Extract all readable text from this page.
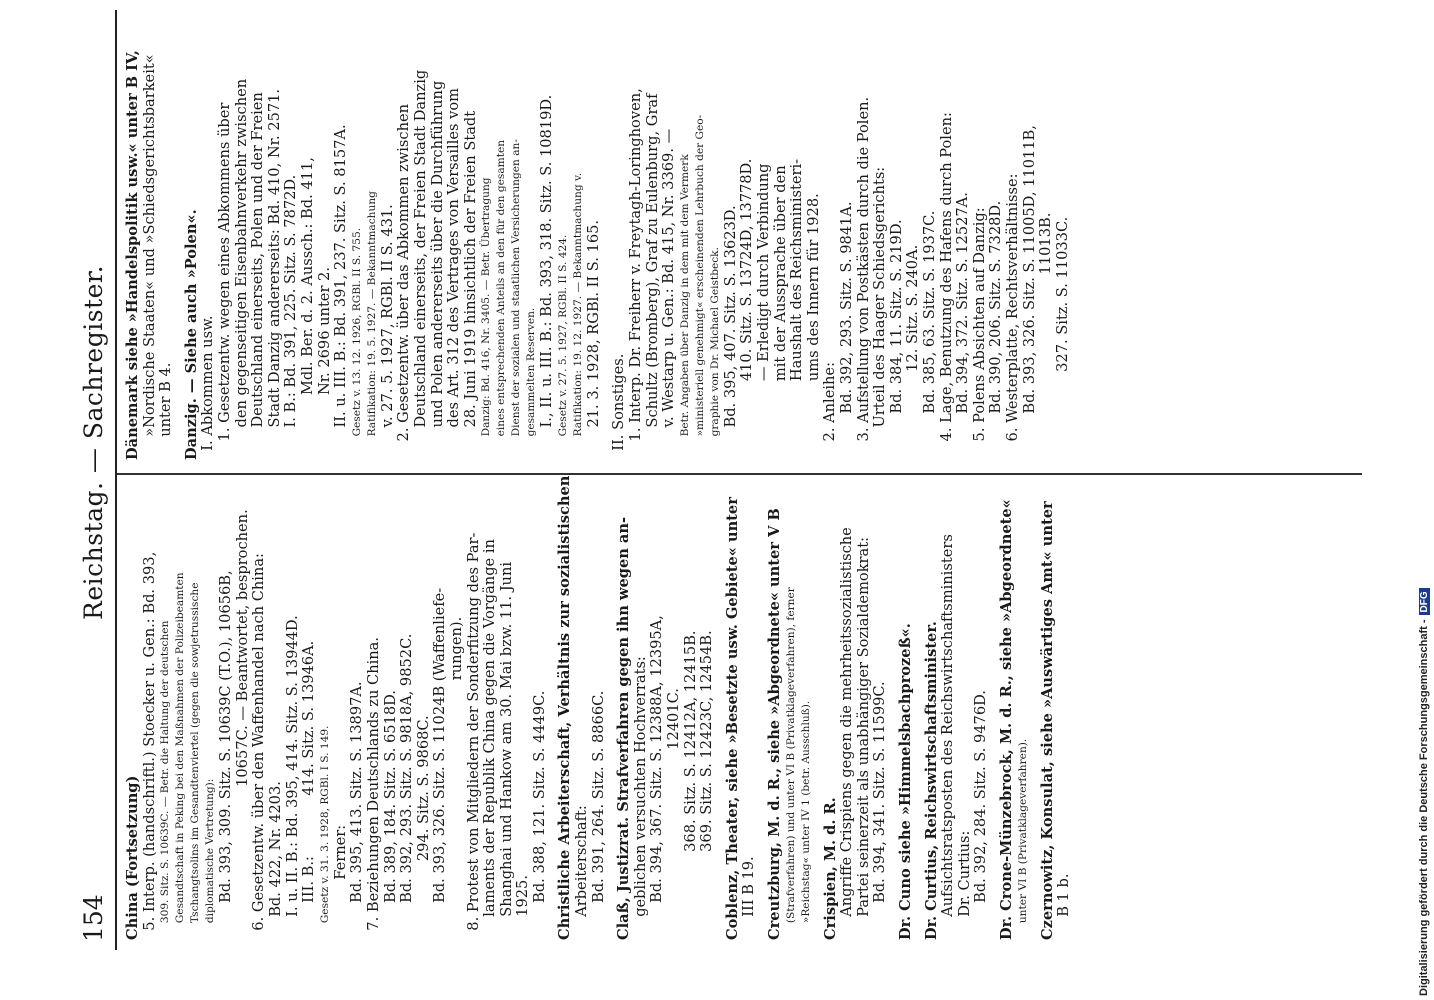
154
Reichstag. — Sachregister.
China (Fortsetzung) 5. Interp. (handschriftl.) Stoecker u. Gen.: Bd. 393, 309. Sitz. S. 10639C. — Betr. die Haltung der deutschen Gesandtschaft in Peking bei den Maßnahmen der Polizeibeamten Tschangtsolins im Gesandtenviertel (gegen die sowjetrussische diplomatische Vertretung): Bd. 393, 309. Sitz. S. 10639C (T.O.), 10656B, 10657C. — Beantwortet, besprochen. 6. Gesetzentw. über den Waffenhandel nach China: Bd. 422, Nr. 4203. I. u. II. B.: Bd. 395, 414. Sitz. S. 13944D. III. B.:             414. Sitz. S. 13946A. Gesetz v. 31. 3. 1928, RGBl. I S. 149. Ferner: Bd. 395, 413. Sitz. S. 13897A. 7. Beziehungen Deutschlands zu China. Bd. 389, 184. Sitz. S. 6518D. Bd. 392, 293. Sitz. S. 9818A, 9852C. 294. Sitz. S. 9868C. Bd. 393, 326. Sitz. S. 11024B (Waffenliefe- rungen). 8. Protest von Mitgliedern der Sonderfitzung des Par- laments der Republik China gegen die Vorgänge in Shanghai und Hankow am 30. Mai bzw. 11. Juni 1925. Bd. 388, 121. Sitz. S. 4449C. Christliche Arbeiterschaft, Verhältnis zur sozialistischen Arbeiterschaft: Bd. 391, 264. Sitz. S. 8866C. Claß, Justizrat. Strafverfahren gegen ihn wegen an- geblichen versuchten Hochverrats: Bd. 394, 367. Sitz. S. 12388A, 12395A, 12401C. 368. Sitz. S. 12412A, 12415B. 369. Sitz. S. 12423C, 12454B. Coblenz, Theater, siehe »Besetzte usw. Gebiete« unter III B 19. Creutzburg, M. d. R., siehe »Abgeordnete« unter V B (Strafverfahren) und unter VI B (Privatklageverfahren), ferner »Reichstag« unter IV 1 (betr. Ausschluß). Crispien, M. d. R. Angriffe Crispiens gegen die mehrheitssozialistische Partei seinerzeit als unabhängiger Sozialdemokrat: Bd. 394, 341. Sitz. S. 11599C. Dr. Cuno siehe »Himmelsbachprozeß«. Dr. Curtius, Reichswirtschaftsminister. Aufsichtsratsposten des Reichswirtschaftsministers Dr. Curtius: Bd. 392, 284. Sitz. S. 9476D. Dr. Crone-Münzebrock, M. d. R., siehe »Abgeordnete« unter VI B (Privatklageverfahren). Czernowitz, Konsulat, siehe »Auswärtiges Amt« unter B 1 b.
Dänemark siehe »Handelspolitik usw.« unter B IV, »Nordische Staaten« und »Schiedsgerichtsbarkeit« unter B 4. Danzig. — Siehe auch »Polen«. I. Abkommen usw. 1. Gesetzentw. wegen eines Abkommens über den gegenseitigen Eisenbahnverkehr zwischen Deutschland einerseits, Polen und der Freien Stadt Danzig andererseits: Bd. 410, Nr. 2571. I. B.: Bd. 391, 225. Sitz. S. 7872D. Mdl. Ber. d. 2. Aussch.: Bd. 411, Nr. 2696 unter 2. II. u. III. B.: Bd. 391, 237. Sitz. S. 8157A. Gesetz v. 13. 12. 1926, RGBl. II S. 755. Ratifikation: 19. 5. 1927. — Bekanntmachung v. 27. 5. 1927, RGBl. II S. 431. 2. Gesetzentw. über das Abkommen zwischen Deutschland einerseits, der Freien Stadt Danzig und Polen andererseits über die Durchführung des Art. 312 des Vertrages von Versailles vom 28. Juni 1919 hinsichtlich der Freien Stadt Danzig: Bd. 416, Nr. 3405. — Betr. Übertragung eines entsprechenden Anteils an den für den gesamten Dienst der sozialen und staatlichen Versicherungen an- gesammelten Reserven. I., II. u. III. B.: Bd. 393, 318. Sitz. S. 10819D. Gesetz v. 27. 5. 1927, RGBl. II S. 424. Ratifikation: 19. 12. 1927. — Bekanntmachung v. 21. 3. 1928, RGBl. II S. 165. II. Sonstiges. 1. Interp. Dr. Freiherr v. Freytagh-Loringhoven, Schultz (Bromberg), Graf zu Eulenburg, Graf v. Westarp u. Gen.: Bd. 415, Nr. 3369. — Betr. Angaben über Danzig in dem mit dem Vermerk »ministeriell genehmigt« erscheinenden Lehrbuch der Geo- graphie von Dr. Michael Geistbeck. Bd. 395, 407. Sitz. S. 13623D. 410. Sitz. S. 13724D, 13778D. — Erledigt durch Verbindung mit der Aussprache über den Haushalt des Reichsministeri- ums des Innern für 1928. 2. Anleihe: Bd. 392, 293. Sitz. S. 9841A. 3. Aufstellung von Postkästen durch die Polen. Urteil des Haager Schiedsgerichts: Bd. 384, 11. Sitz. S. 219D. 12. Sitz. S. 240A. Bd. 385, 63. Sitz. S. 1937C. 4. Lage, Benutzung des Hafens durch Polen: Bd. 394, 372. Sitz. S. 12527A. 5. Polens Absichten auf Danzig: Bd. 390, 206. Sitz. S. 7328D. 6. Westerplatte, Rechtsverhältnisse: Bd. 393, 326. Sitz. S. 11005D, 11011B, 11013B. 327. Sitz. S. 11033C.
Digitalisierung gefördert durch die Deutsche Forschungsgemeinschaft -DFG
